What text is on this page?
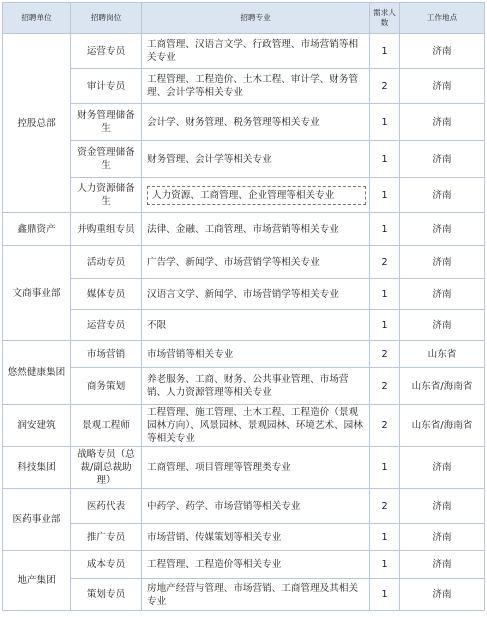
招聘单位	招聘岗位	招聘专业	需求人数	工作地点
控股总部	运营专员	工商管理、汉语言文学、行政管理、市场营销等相关专业	1	济南
	审计专员	工程管理、工程造价、土木工程、审计学、财务管理、会计学等相关专业	2	济南
	财务管理储备生	会计学、财务管理、税务管理等相关专业	1	济南
	资金管理储备生	财务管理、会计学等相关专业	1	济南
	人力资源储备生	人力资源、工商管理、企业管理等相关专业	1	济南
鑫鼎资产	并购重组专员	法律、金融、工商管理、市场营销等相关专业	1	济南
文商事业部	活动专员	广告学、新闻学、市场营销学等相关专业	2	济南
	媒体专员	汉语言文学、新闻学、市场营销学等相关专业	1	济南
	运营专员	不限	1	济南
悠然健康集团	市场营销	市场营销等相关专业	2	山东省
	商务策划	养老服务、工商、财务、公共事业管理、市场营销、人力资源管理等相关专业	2	山东省/海南省
润安建筑	景观工程师	工程管理、施工管理、土木工程、工程造价（景观园林方向）、风景园林、景观园林、环境艺术、园林等相关专业	2	山东省/海南省
科技集团	战略专员（总裁/副总裁助理）	工商管理、项目管理等管理类专业	1	济南
医药事业部	医药代表	中药学、药学、市场营销等相关专业	2	济南
	推广专员	市场营销、传媒策划等相关专业	1	济南
地产集团	成本专员	工程管理、工程造价等相关专业	1	济南
	策划专员	房地产经营与管理、市场营销、工商管理及其相关专业	1	济南
